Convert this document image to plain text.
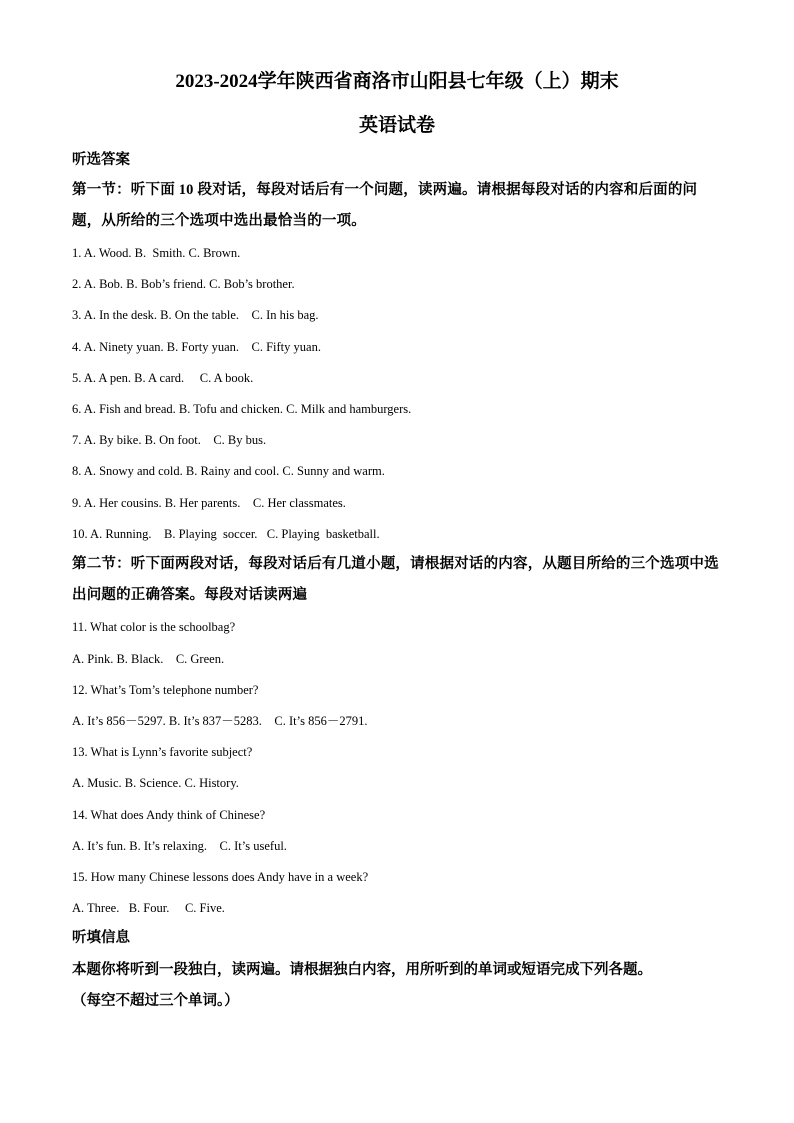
2023-2024学年陕西省商洛市山阳县七年级（上）期末
英语试卷
听选答案
第一节：听下面 10 段对话，每段对话后有一个问题，读两遍。请根据每段对话的内容和后面的问题，从所给的三个选项中选出最恰当的一项。
1. A. Wood. B.  Smith. C. Brown.
2. A. Bob. B. Bob’s friend. C. Bob’s brother.
3. A. In the desk. B. On the table.    C. In his bag.
4. A. Ninety yuan. B. Forty yuan.    C. Fifty yuan.
5. A. A pen. B. A card.     C. A book.
6. A. Fish and bread. B. Tofu and chicken. C. Milk and hamburgers.
7. A. By bike. B. On foot.    C. By bus.
8. A. Snowy and cold. B. Rainy and cool. C. Sunny and warm.
9. A. Her cousins. B. Her parents.    C. Her classmates.
10. A. Running.    B. Playing  soccer.   C. Playing  basketball.
第二节：听下面两段对话，每段对话后有几道小题，请根据对话的内容，从题目所给的三个选项中选出问题的正确答案。每段对话读两遍
11. What color is the schoolbag?
A. Pink. B. Black.    C. Green.
12. What’s Tom’s telephone number?
A. It’s 856－5297. B. It’s 837－5283.    C. It’s 856－2791.
13. What is Lynn’s favorite subject?
A. Music. B. Science. C. History.
14. What does Andy think of Chinese?
A. It’s fun. B. It’s relaxing.    C. It’s useful.
15. How many Chinese lessons does Andy have in a week?
A. Three.   B. Four.     C. Five.
听填信息
本题你将听到一段独白，读两遍。请根据独白内容，用所听到的单词或短语完成下列各题。
（每空不超过三个单词。）
